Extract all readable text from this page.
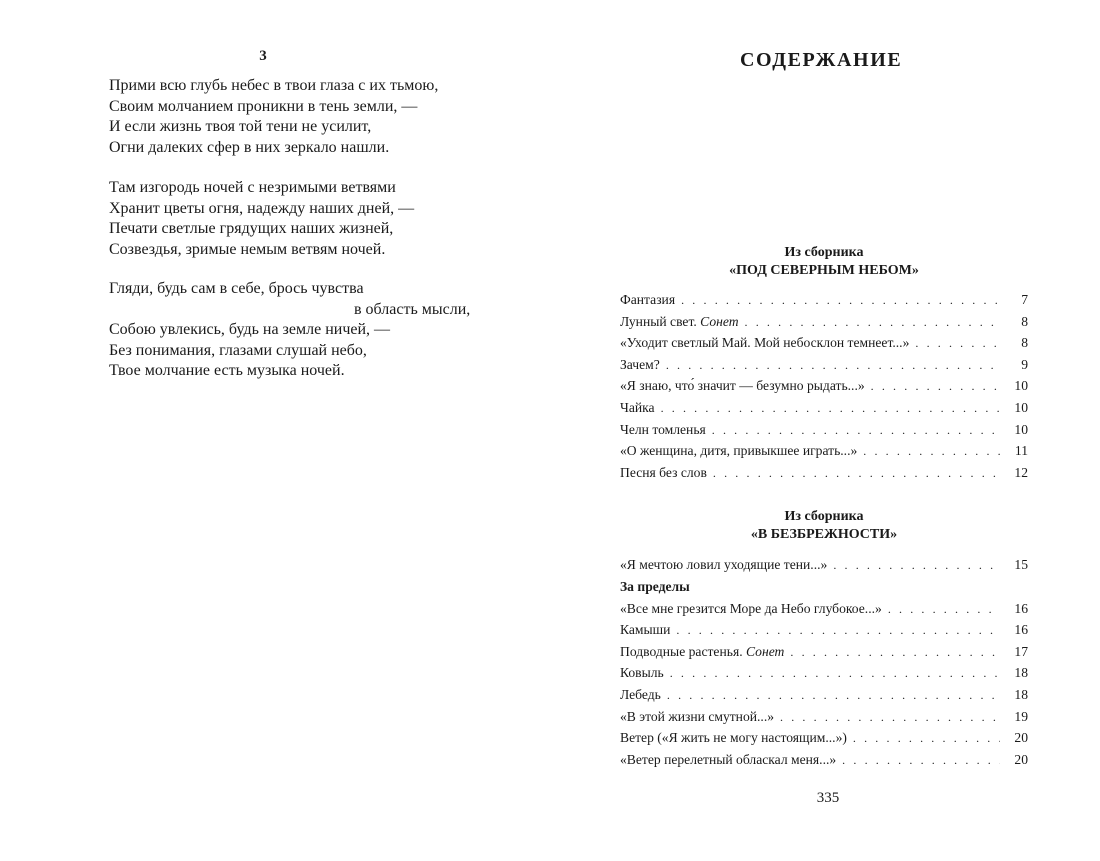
3
Прими всю глубь небес в твои глаза с их тьмою,
Своим молчанием проникни в тень земли, —
И если жизнь твоя той тени не усилит,
Огни далеких сфер в них зеркало нашли.
Там изгородь ночей с незримыми ветвями
Хранит цветы огня, надежду наших дней, —
Печати светлые грядущих наших жизней,
Созвездья, зримые немым ветвям ночей.
Гляди, будь сам в себе, брось чувства
в область мысли,
Собою увлекись, будь на земле ничей, —
Без понимания, глазами слушай небо,
Твое молчание есть музыка ночей.
СОДЕРЖАНИЕ
Из сборника
«ПОД СЕВЕРНЫМ НЕБОМ»
Фантазия . . .	7
Лунный свет. Сонет . . .	8
«Уходит светлый Май. Мой небосклон темнеет...» . . .	8
Зачем? . . .	9
«Я знаю, что́ значит — безумно рыдать...» . . .	10
Чайка . . .	10
Челн томленья . . .	10
«О женщина, дитя, привыкшее играть...» . . .	11
Песня без слов . . .	12
Из сборника
«В БЕЗБРЕЖНОСТИ»
«Я мечтою ловил уходящие тени...» . . .	15
За пределы
«Все мне грезится Море да Небо глубокое...» . . .	16
Камыши . . .	16
Подводные растенья. Сонет . . .	17
Ковыль . . .	18
Лебедь . . .	18
«В этой жизни смутной...» . . .	19
Ветер («Я жить не могу настоящим...») . . .	20
«Ветер перелетный обласкал меня...» . . .	20
335
